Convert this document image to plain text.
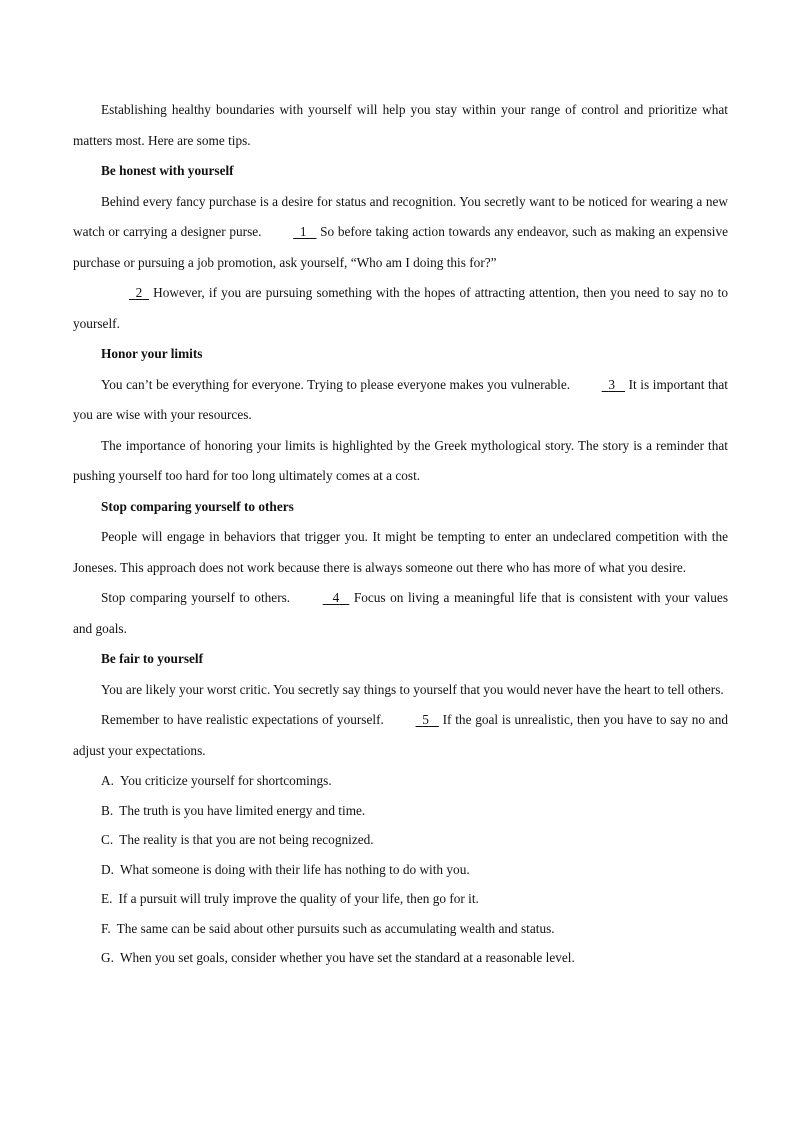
Establishing healthy boundaries with yourself will help you stay within your range of control and prioritize what matters most. Here are some tips.

Be honest with yourself

Behind every fancy purchase is a desire for status and recognition. You secretly want to be noticed for wearing a new watch or carrying a designer purse.	1    So before taking action towards any endeavor, such as making an expensive purchase or pursuing a job promotion, ask yourself, “Who am I doing this for?”

2   However, if you are pursuing something with the hopes of attracting attention, then you need to say no to yourself.

Honor your limits

You can’t be everything for everyone. Trying to please everyone makes you vulnerable.	3    It is important that you are wise with your resources.

The importance of honoring your limits is highlighted by the Greek mythological story. The story is a reminder that pushing yourself too hard for too long ultimately comes at a cost.

Stop comparing yourself to others

People will engage in behaviors that trigger you. It might be tempting to enter an undeclared competition with the Joneses. This approach does not work because there is always someone out there who has more of what you desire.

Stop comparing yourself to others.	4    Focus on living a meaningful life that is consistent with your values and goals.

Be fair to yourself

You are likely your worst critic. You secretly say things to yourself that you would never have the heart to tell others.

Remember to have realistic expectations of yourself.	5    If the goal is unrealistic, then you have to say no and adjust your expectations.

A. You criticize yourself for shortcomings.

B. The truth is you have limited energy and time.

C. The reality is that you are not being recognized.

D. What someone is doing with their life has nothing to do with you.

E. If a pursuit will truly improve the quality of your life, then go for it.

F. The same can be said about other pursuits such as accumulating wealth and status.

G. When you set goals, consider whether you have set the standard at a reasonable level.
